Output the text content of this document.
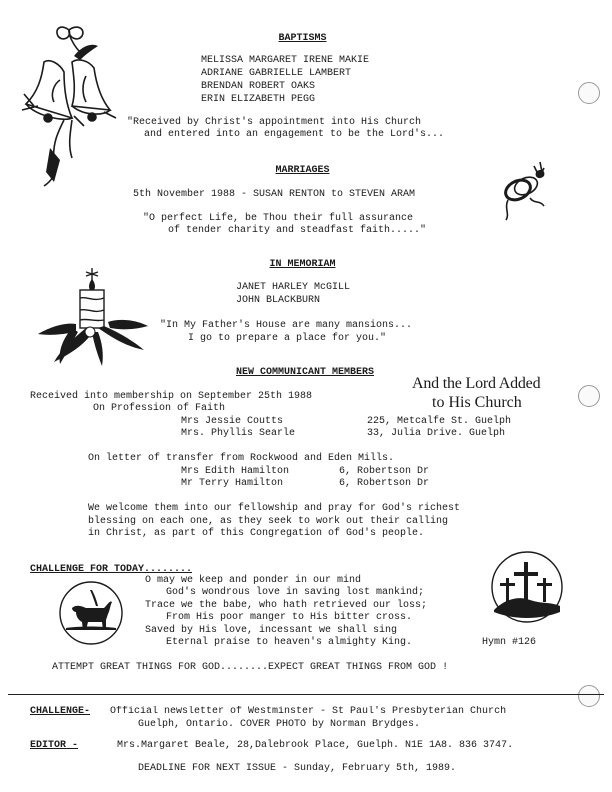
BAPTISMS
MELISSA MARGARET IRENE MAKIE
ADRIANE GABRIELLE LAMBERT
BRENDAN ROBERT OAKS
ERIN ELIZABETH PEGG
"Received by Christ's appointment into His Church
and entered into an engagement to be the Lord's...
MARRIAGES
5th November 1988 - SUSAN RENTON to STEVEN ARAM
"O perfect Life, be Thou their full assurance
of tender charity and steadfast faith....."
IN MEMORIAM
JANET HARLEY McGILL
JOHN BLACKBURN
"In My Father's House are many mansions...
I go to prepare a place for you."
NEW COMMUNICANT MEMBERS
And the Lord Added
to His Church
Received into membership on September 25th 1988
On Profession of Faith
Mrs Jessie Coutts	225, Metcalfe St. Guelph
Mrs. Phyllis Searle	33, Julia Drive. Guelph
On letter of transfer from Rockwood and Eden Mills.
Mrs Edith Hamilton	6, Robertson Dr
Mr Terry Hamilton	6, Robertson Dr
We welcome them into our fellowship and pray for God's richest
blessing on each one, as they seek to work out their calling
in Christ, as part of this Congregation of God's people.
CHALLENGE FOR TODAY........
O may we keep and ponder in our mind
God's wondrous love in saving lost mankind;
Trace we the babe, who hath retrieved our loss;
From His poor manger to His bitter cross.
Saved by His love, incessant we shall sing
Eternal praise to heaven's almighty King.	Hymn #126
ATTEMPT GREAT THINGS FOR GOD........EXPECT GREAT THINGS FROM GOD !
CHALLENGE- Official newsletter of Westminster - St Paul's Presbyterian Church
Guelph, Ontario. COVER PHOTO by Norman Brydges.
EDITOR -	Mrs.Margaret Beale, 28,Dalebrook Place, Guelph. N1E 1A8. 836 3747.
DEADLINE FOR NEXT ISSUE - Sunday, February 5th, 1989.
